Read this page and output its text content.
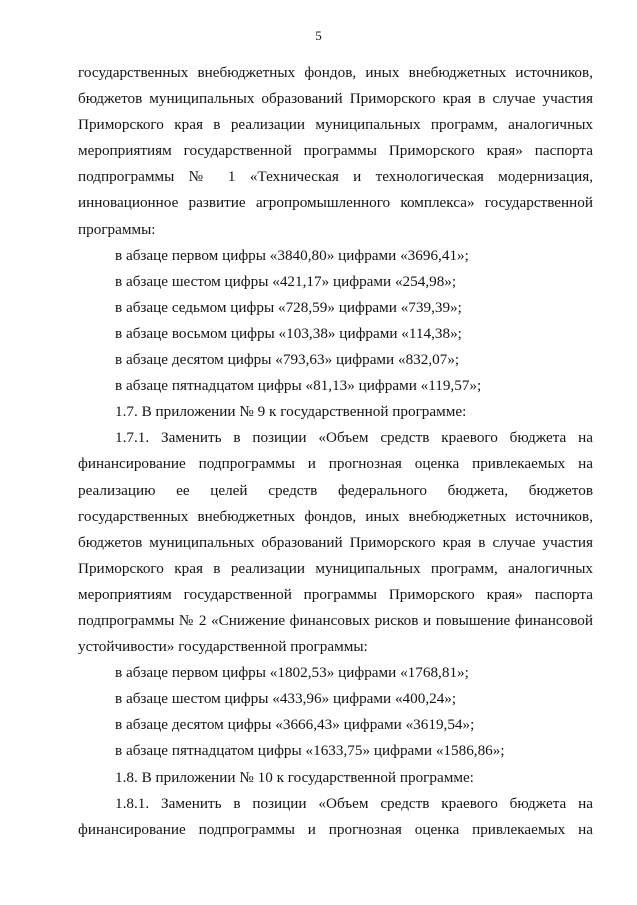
5
государственных внебюджетных фондов, иных внебюджетных источников,
бюджетов муниципальных образований Приморского края в случае участия
Приморского края в реализации муниципальных программ, аналогичных
мероприятиям государственной программы Приморского края» паспорта
подпрограммы № 1 «Техническая и технологическая модернизация,
инновационное развитие агропромышленного комплекса» государственной
программы:
в абзаце первом цифры «3840,80» цифрами «3696,41»;
в абзаце шестом цифры «421,17» цифрами «254,98»;
в абзаце седьмом цифры «728,59» цифрами «739,39»;
в абзаце восьмом цифры «103,38» цифрами «114,38»;
в абзаце десятом цифры «793,63» цифрами «832,07»;
в абзаце пятнадцатом цифры «81,13» цифрами «119,57»;
1.7. В приложении № 9 к государственной программе:
1.7.1. Заменить в позиции «Объем средств краевого бюджета на
финансирование подпрограммы и прогнозная оценка привлекаемых на
реализацию ее целей средств федерального бюджета, бюджетов
государственных внебюджетных фондов, иных внебюджетных источников,
бюджетов муниципальных образований Приморского края в случае участия
Приморского края в реализации муниципальных программ, аналогичных
мероприятиям государственной программы Приморского края» паспорта
подпрограммы № 2 «Снижение финансовых рисков и повышение финансовой
устойчивости» государственной программы:
в абзаце первом цифры «1802,53» цифрами «1768,81»;
в абзаце шестом цифры «433,96» цифрами «400,24»;
в абзаце десятом цифры «3666,43» цифрами «3619,54»;
в абзаце пятнадцатом цифры «1633,75» цифрами «1586,86»;
1.8. В приложении № 10 к государственной программе:
1.8.1. Заменить в позиции «Объем средств краевого бюджета на
финансирование подпрограммы и прогнозная оценка привлекаемых на
